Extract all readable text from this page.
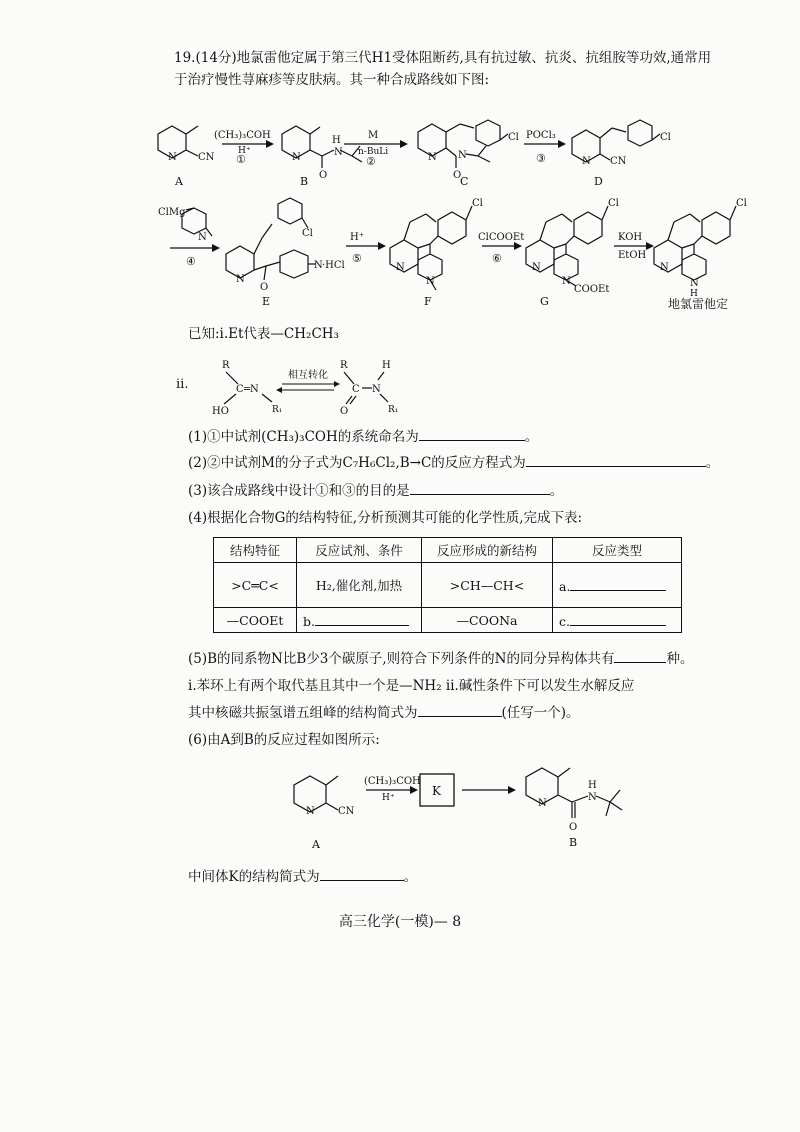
19.(14分)地氯雷他定属于第三代H1受体阻断药,具有抗过敏、抗炎、抗组胺等功效,通常用
于治疗慢性荨麻疹等皮肤病。其一种合成路线如下图:
N CN
A
(CH₃)₃COH
H⁺
①	N
O
N
H
B
M
n-BuLi
②	N
Cl
O
N
C
POCl₃
③	N CN
Cl
D
ClMg
N
④
N
Cl
O
N ·HCl
E
H⁺
⑤
N
Cl
N
F
ClCOOEt
⑥
N
Cl
N
COOEt
G
KOH
EtOH
N
Cl
N
H
地氯雷他定
ⅱ.
R
C ═N
HO	R₁
相互转化
R
C N
H
O	R₁
N CN
A
(CH₃)₃COH
H⁺	K
N
O
N
H
B
已知:ⅰ.Et代表—CH₂CH₃
(1)①中试剂(CH₃)₃COH的系统命名为	。
(2)②中试剂M的分子式为C₇H₆Cl₂,B→C的反应方程式为	。
(3)该合成路线中设计①和③的目的是	。
(4)根据化合物G的结构特征,分析预测其可能的化学性质,完成下表:
结构特征	反应试剂、条件	反应形成的新结构	反应类型
>C═C<	H₂,催化剂,加热	>CH—CH<	a.
—COOEt	b.	—COONa	c.
(5)B的同系物N比B少3个碳原子,则符合下列条件的N的同分异构体共有	种。
ⅰ.苯环上有两个取代基且其中一个是—NH₂ ⅱ.碱性条件下可以发生水解反应
其中核磁共振氢谱五组峰的结构简式为	(任写一个)。
(6)由A到B的反应过程如图所示:
中间体K的结构简式为	。
高三化学(一模)— 8
